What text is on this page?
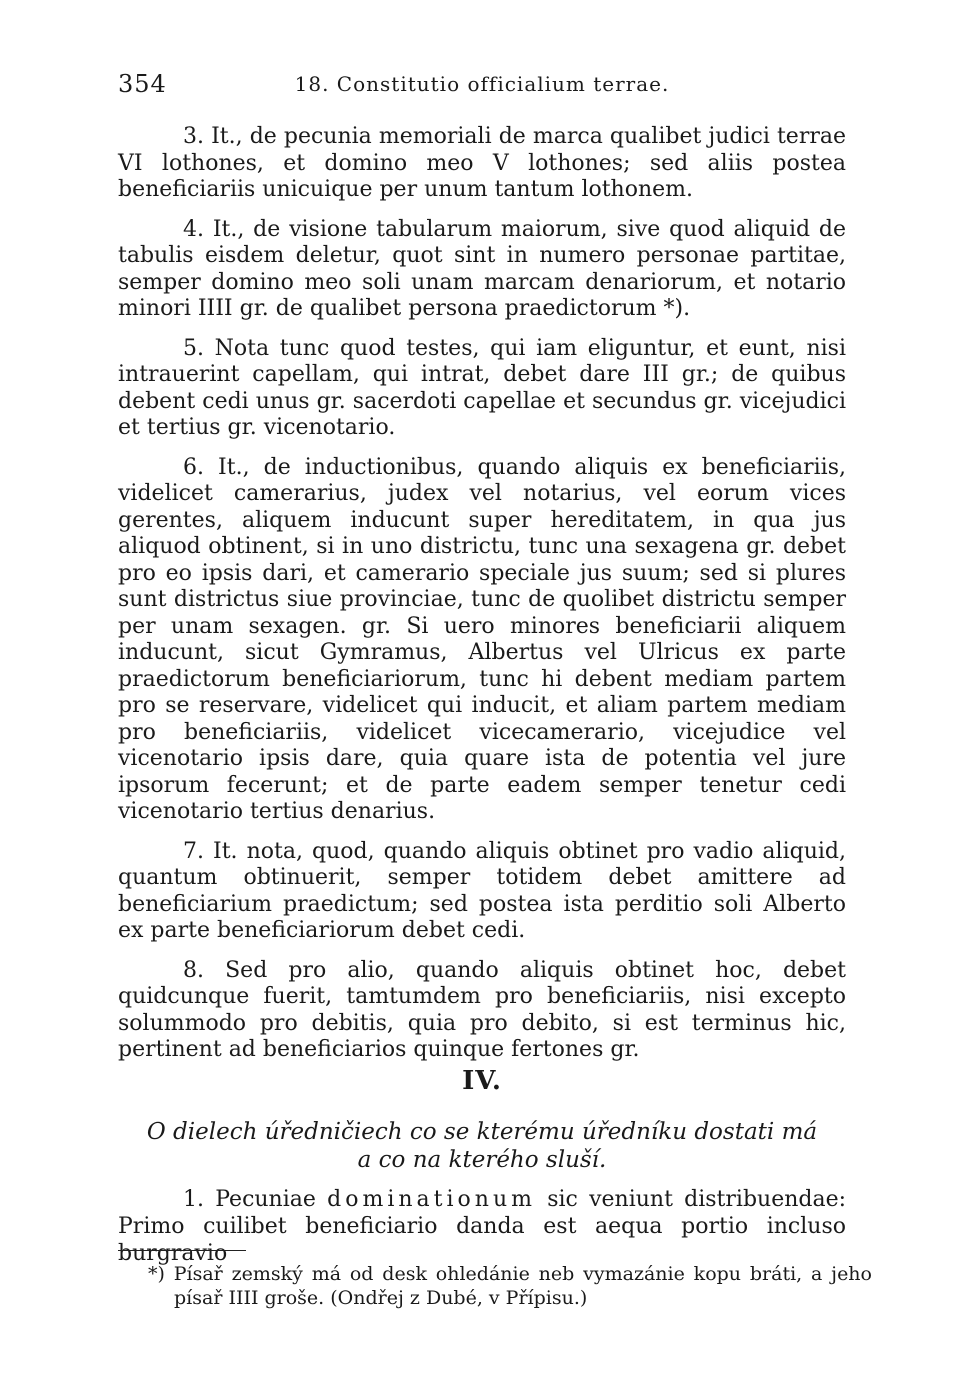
354	18. Constitutio officialium terrae.

3. It., de pecunia memoriali de marca qualibet judici terrae VI lothones, et domino meo V lothones; sed aliis postea beneficiariis unicuique per unum tantum lothonem.

4. It., de visione tabularum maiorum, sive quod aliquid de tabulis eisdem deletur, quot sint in numero personae partitae, semper domino meo soli unam marcam denariorum, et notario minori IIII gr. de qualibet persona praedictorum *).

5. Nota tunc quod testes, qui iam eliguntur, et eunt, nisi intrauerint capellam, qui intrat, debet dare III gr.; de quibus debent cedi unus gr. sacerdoti capellae et secundus gr. vicejudici et tertius gr. vicenotario.

6. It., de inductionibus, quando aliquis ex beneficiariis, videlicet camerarius, judex vel notarius, vel eorum vices gerentes, aliquem inducunt super hereditatem, in qua jus aliquod obtinent, si in uno districtu, tunc una sexagena gr. debet pro eo ipsis dari, et camerario speciale jus suum; sed si plures sunt districtus siue provinciae, tunc de quolibet districtu semper per unam sexagen. gr. Si uero minores beneficiarii aliquem inducunt, sicut Gymramus, Albertus vel Ulricus ex parte praedictorum beneficiariorum, tunc hi debent mediam partem pro se reservare, videlicet qui inducit, et aliam partem mediam pro beneficiariis, videlicet vicecamerario, vicejudice vel vicenotario ipsis dare, quia quare ista de potentia vel jure ipsorum fecerunt; et de parte eadem semper tenetur cedi vicenotario tertius denarius.

7. It. nota, quod, quando aliquis obtinet pro vadio aliquid, quantum obtinuerit, semper totidem debet amittere ad beneficiarium praedictum; sed postea ista perditio soli Alberto ex parte beneficiariorum debet cedi.

8. Sed pro alio, quando aliquis obtinet hoc, debet quidcunque fuerit, tamtumdem pro beneficiariis, nisi excepto solummodo pro debitis, quia pro debito, si est terminus hic, pertinent ad beneficiarios quinque fertones gr.

IV.
O dielech úředničiech co se kterému úředníku dostati má
a co na kterého sluší.

1. Pecuniae dominationum sic veniunt distribuendae: Primo cuilibet beneficiario danda est aequa portio incluso burgravio

*) Písař zemský má od desk ohledánie neb vymazánie kopu bráti, a jeho písař IIII groše. (Ondřej z Dubé, v Přípisu.)
